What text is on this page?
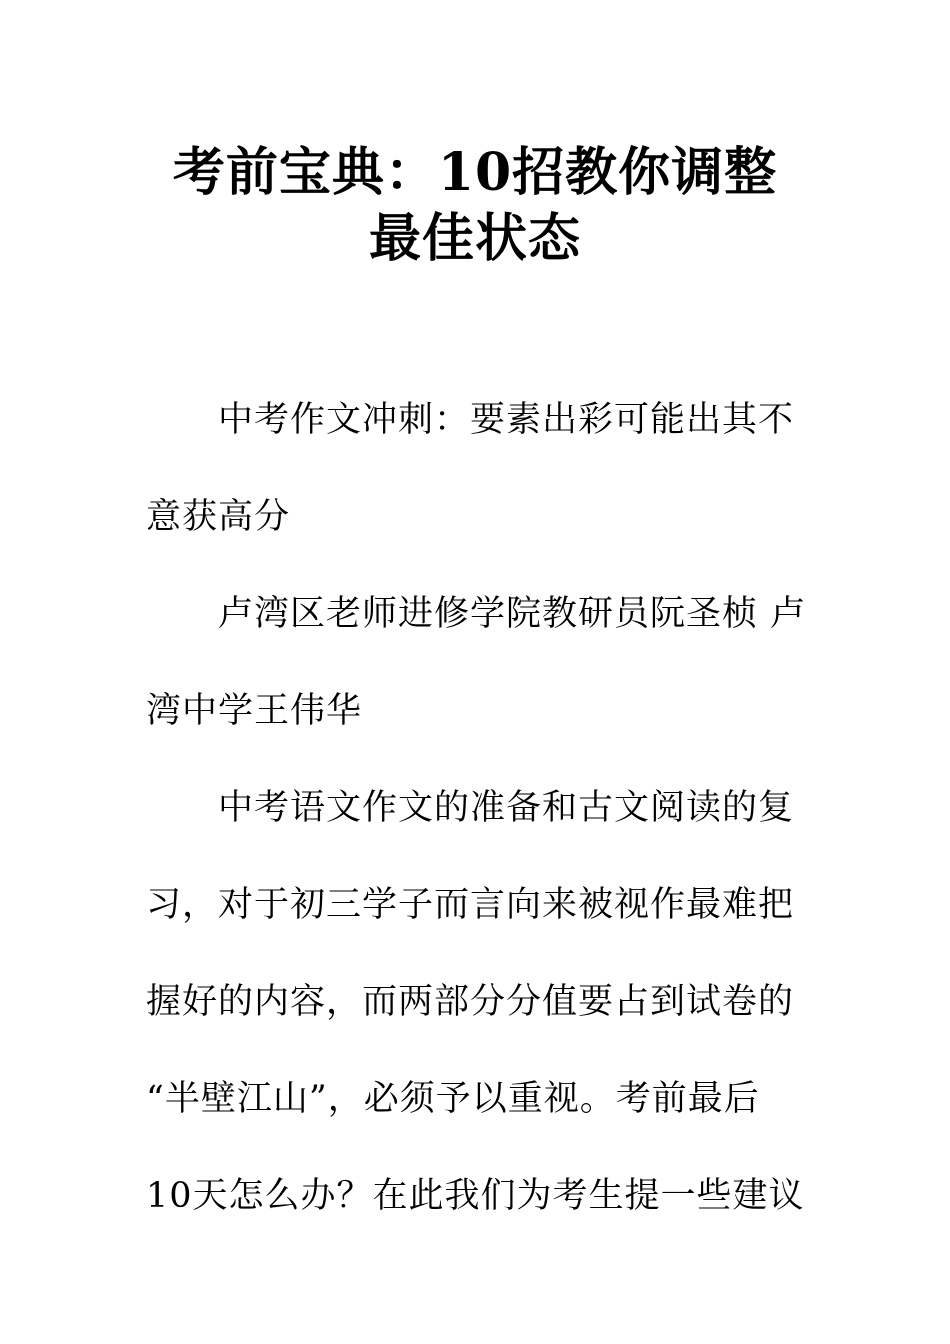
考前宝典：10招教你调整
最佳状态
中考作文冲刺：要素出彩可能出其不
意获高分
卢湾区老师进修学院教研员阮圣桢 卢
湾中学王伟华
中考语文作文的准备和古文阅读的复
习，对于初三学子而言向来被视作最难把
握好的内容，而两部分分值要占到试卷的
“半壁江山”，必须予以重视。考前最后
10天怎么办？在此我们为考生提一些建议
